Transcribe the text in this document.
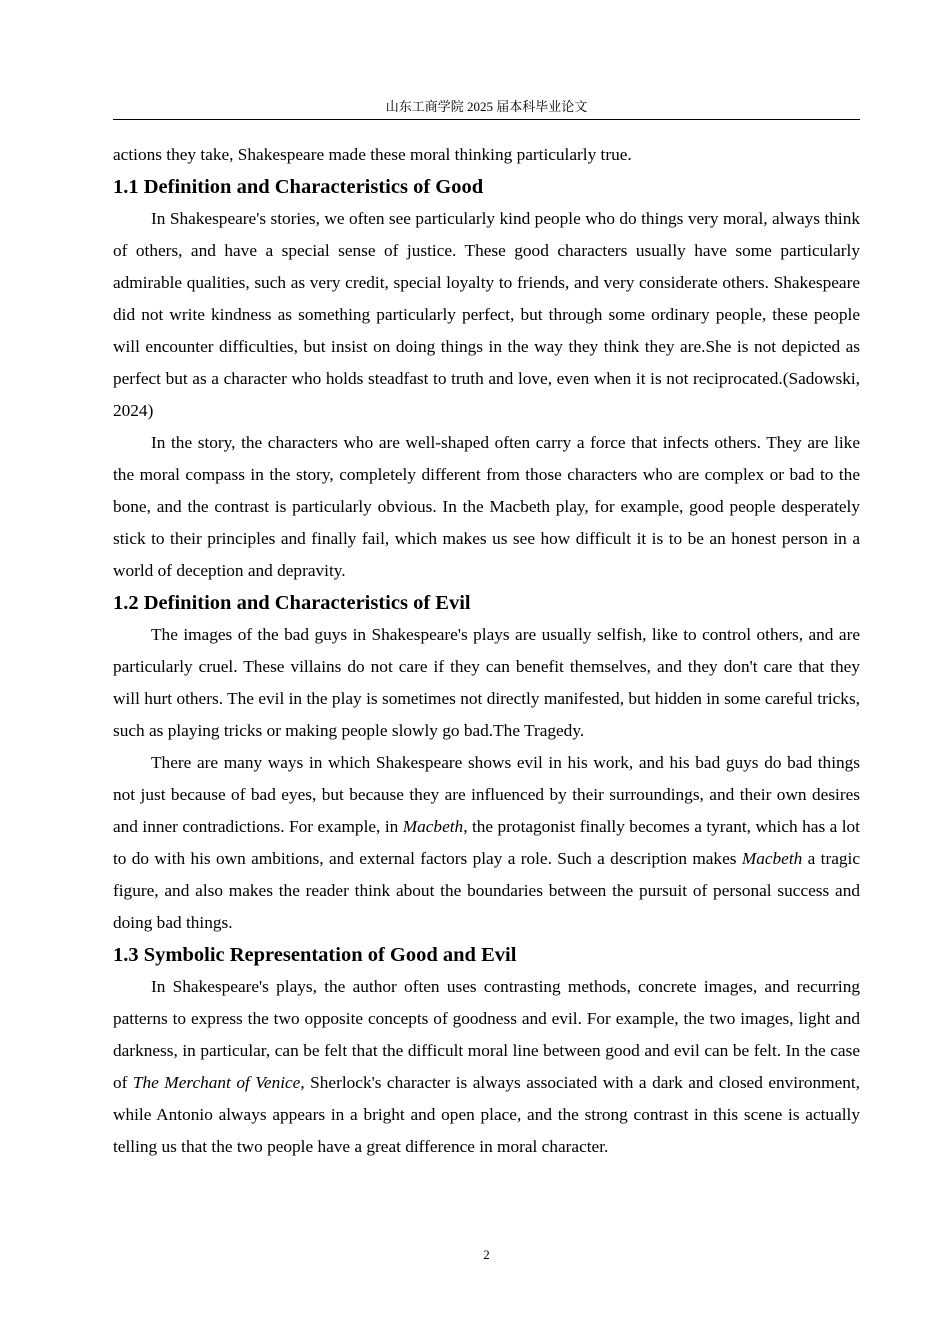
山东工商学院 2025 届本科毕业论文

actions they take, Shakespeare made these moral thinking particularly true.

1.1 Definition and Characteristics of Good

In Shakespeare's stories, we often see particularly kind people who do things very moral, always think of others, and have a special sense of justice. These good characters usually have some particularly admirable qualities, such as very credit, special loyalty to friends, and very considerate others. Shakespeare did not write kindness as something particularly perfect, but through some ordinary people, these people will encounter difficulties, but insist on doing things in the way they think they are.She is not depicted as perfect but as a character who holds steadfast to truth and love, even when it is not reciprocated.(Sadowski, 2024)

In the story, the characters who are well-shaped often carry a force that infects others. They are like the moral compass in the story, completely different from those characters who are complex or bad to the bone, and the contrast is particularly obvious. In the Macbeth play, for example, good people desperately stick to their principles and finally fail, which makes us see how difficult it is to be an honest person in a world of deception and depravity.

1.2 Definition and Characteristics of Evil

The images of the bad guys in Shakespeare's plays are usually selfish, like to control others, and are particularly cruel. These villains do not care if they can benefit themselves, and they don't care that they will hurt others. The evil in the play is sometimes not directly manifested, but hidden in some careful tricks, such as playing tricks or making people slowly go bad.The Tragedy.

There are many ways in which Shakespeare shows evil in his work, and his bad guys do bad things not just because of bad eyes, but because they are influenced by their surroundings, and their own desires and inner contradictions. For example, in Macbeth, the protagonist finally becomes a tyrant, which has a lot to do with his own ambitions, and external factors play a role. Such a description makes Macbeth a tragic figure, and also makes the reader think about the boundaries between the pursuit of personal success and doing bad things.

1.3 Symbolic Representation of Good and Evil

In Shakespeare's plays, the author often uses contrasting methods, concrete images, and recurring patterns to express the two opposite concepts of goodness and evil. For example, the two images, light and darkness, in particular, can be felt that the difficult moral line between good and evil can be felt. In the case of The Merchant of Venice, Sherlock's character is always associated with a dark and closed environment, while Antonio always appears in a bright and open place, and the strong contrast in this scene is actually telling us that the two people have a great difference in moral character.

2
